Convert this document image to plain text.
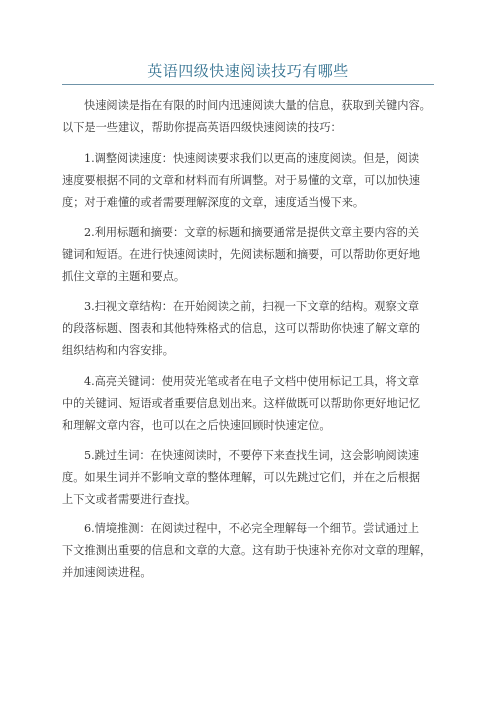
英语四级快速阅读技巧有哪些
快速阅读是指在有限的时间内迅速阅读大量的信息，获取到关键内容。
以下是一些建议，帮助你提高英语四级快速阅读的技巧：
1.调整阅读速度：快速阅读要求我们以更高的速度阅读。但是，阅读
速度要根据不同的文章和材料而有所调整。对于易懂的文章，可以加快速
度；对于难懂的或者需要理解深度的文章，速度适当慢下来。
2.利用标题和摘要：文章的标题和摘要通常是提供文章主要内容的关
键词和短语。在进行快速阅读时，先阅读标题和摘要，可以帮助你更好地
抓住文章的主题和要点。
3.扫视文章结构：在开始阅读之前，扫视一下文章的结构。观察文章
的段落标题、图表和其他特殊格式的信息，这可以帮助你快速了解文章的
组织结构和内容安排。
4.高亮关键词：使用荧光笔或者在电子文档中使用标记工具，将文章
中的关键词、短语或者重要信息划出来。这样做既可以帮助你更好地记忆
和理解文章内容，也可以在之后快速回顾时快速定位。
5.跳过生词：在快速阅读时，不要停下来查找生词，这会影响阅读速
度。如果生词并不影响文章的整体理解，可以先跳过它们，并在之后根据
上下文或者需要进行查找。
6.情境推测：在阅读过程中，不必完全理解每一个细节。尝试通过上
下文推测出重要的信息和文章的大意。这有助于快速补充你对文章的理解，
并加速阅读进程。
